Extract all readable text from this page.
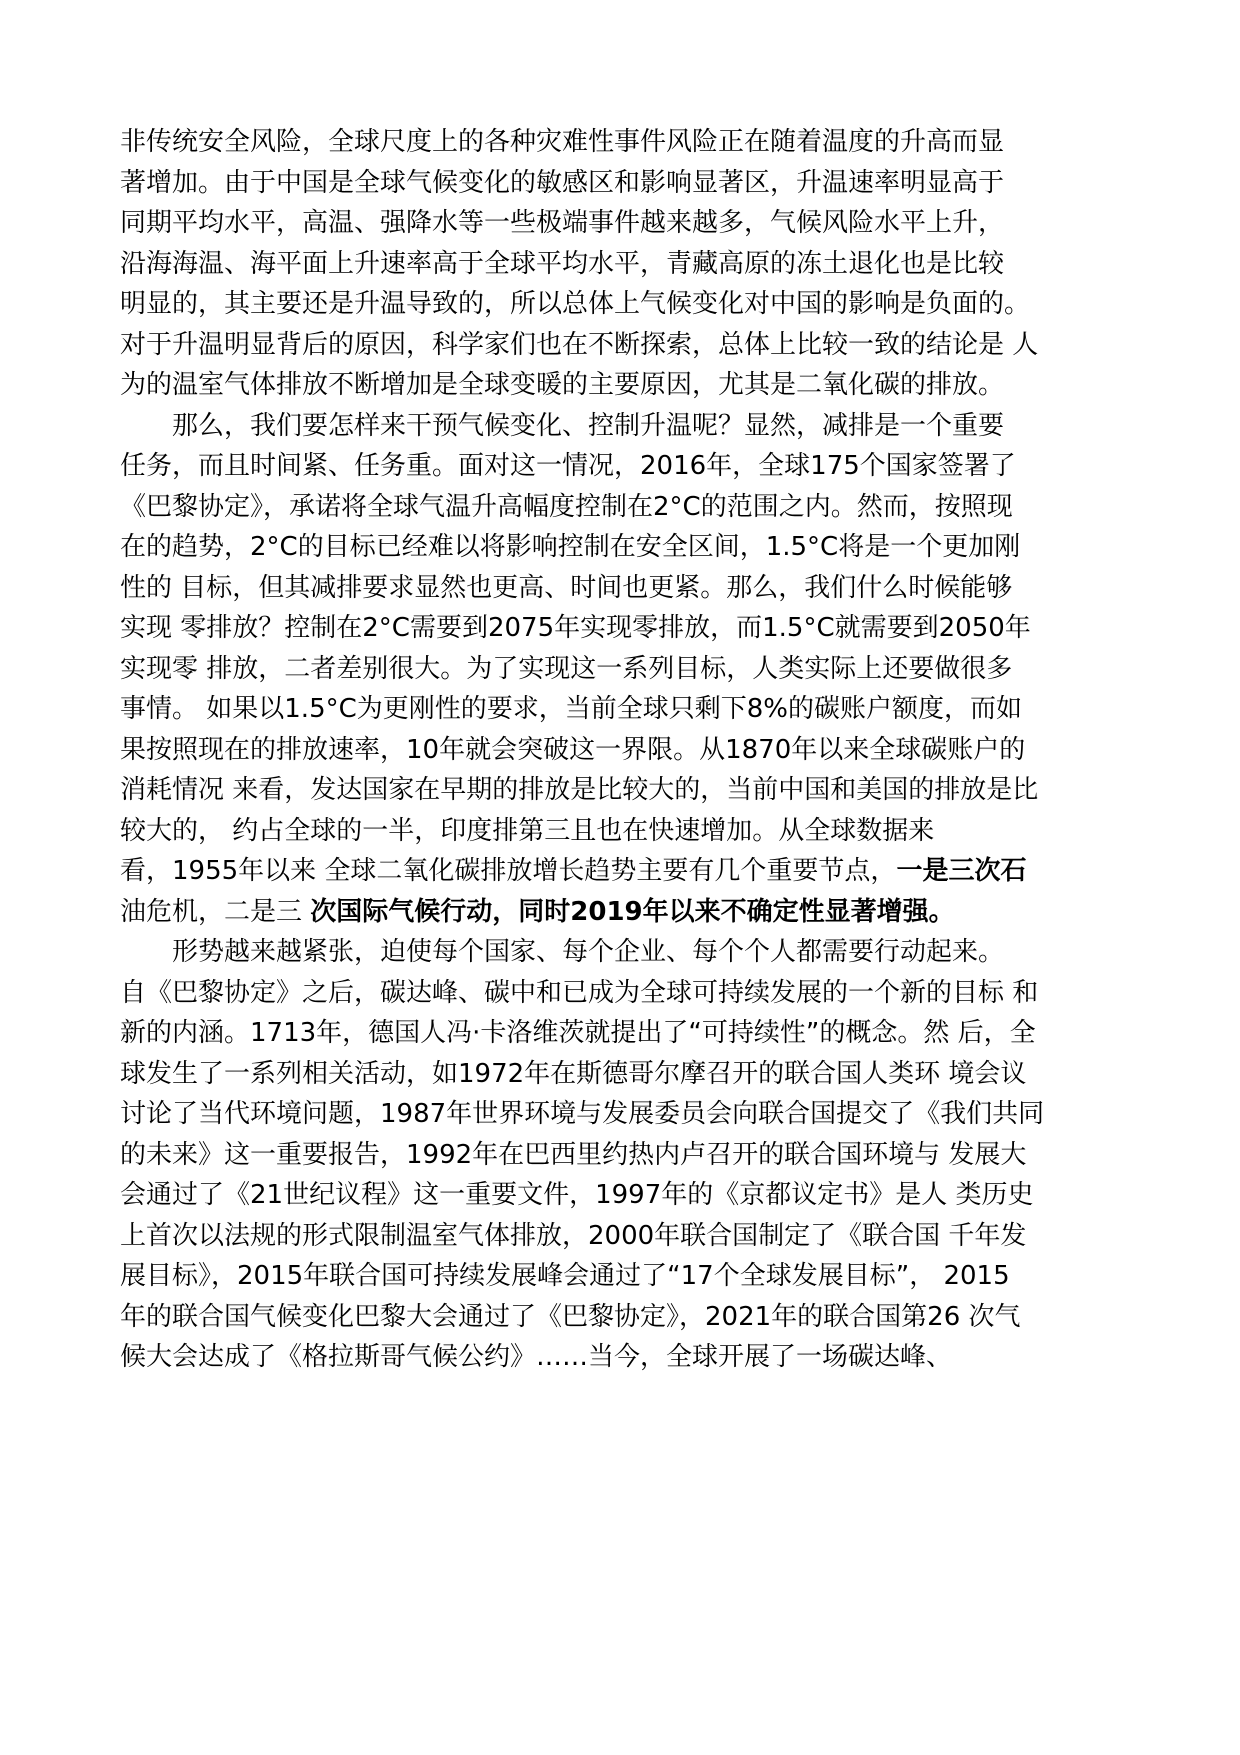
非传统安全风险，全球尺度上的各种灾难性事件风险正在随着温度的升高而显
著增加。由于中国是全球气候变化的敏感区和影响显著区，升温速率明显高于
同期平均水平，高温、强降水等一些极端事件越来越多，气候风险水平上升，
沿海海温、海平面上升速率高于全球平均水平，青藏高原的冻土退化也是比较
明显的，其主要还是升温导致的，所以总体上气候变化对中国的影响是负面的。
对于升温明显背后的原因，科学家们也在不断探索，总体上比较一致的结论是 人
为的温室气体排放不断增加是全球变暖的主要原因，尤其是二氧化碳的排放。
那么，我们要怎样来干预气候变化、控制升温呢？显然，减排是一个重要
任务，而且时间紧、任务重。面对这一情况，2016年，全球175个国家签署了
《巴黎协定》，承诺将全球气温升高幅度控制在2°C的范围之内。然而，按照现
在的趋势，2°C的目标已经难以将影响控制在安全区间，1.5°C将是一个更加刚
性的 目标，但其减排要求显然也更高、时间也更紧。那么，我们什么时候能够
实现 零排放？控制在2°C需要到2075年实现零排放，而1.5°C就需要到2050年
实现零 排放，二者差别很大。为了实现这一系列目标，人类实际上还要做很多
事情。 如果以1.5°C为更刚性的要求，当前全球只剩下8%的碳账户额度，而如
果按照现在的排放速率，10年就会突破这一界限。从1870年以来全球碳账户的
消耗情况 来看，发达国家在早期的排放是比较大的，当前中国和美国的排放是比
较大的， 约占全球的一半，印度排第三且也在快速增加。从全球数据来
看，1955年以来 全球二氧化碳排放增长趋势主要有几个重要节点，一是三次石
油危机，二是三 次国际气候行动，同时2019年以来不确定性显著增强。
形势越来越紧张，迫使每个国家、每个企业、每个个人都需要行动起来。
自《巴黎协定》之后，碳达峰、碳中和已成为全球可持续发展的一个新的目标 和
新的内涵。1713年，德国人冯·卡洛维茨就提出了“可持续性”的概念。然 后，全
球发生了一系列相关活动，如1972年在斯德哥尔摩召开的联合国人类环 境会议
讨论了当代环境问题，1987年世界环境与发展委员会向联合国提交了《我们共同
的未来》这一重要报告，1992年在巴西里约热内卢召开的联合国环境与 发展大
会通过了《21世纪议程》这一重要文件，1997年的《京都议定书》是人 类历史
上首次以法规的形式限制温室气体排放，2000年联合国制定了《联合国 千年发
展目标》，2015年联合国可持续发展峰会通过了“17个全球发展目标”， 2015
年的联合国气候变化巴黎大会通过了《巴黎协定》，2021年的联合国第26 次气
候大会达成了《格拉斯哥气候公约》……当今，全球开展了一场碳达峰、
